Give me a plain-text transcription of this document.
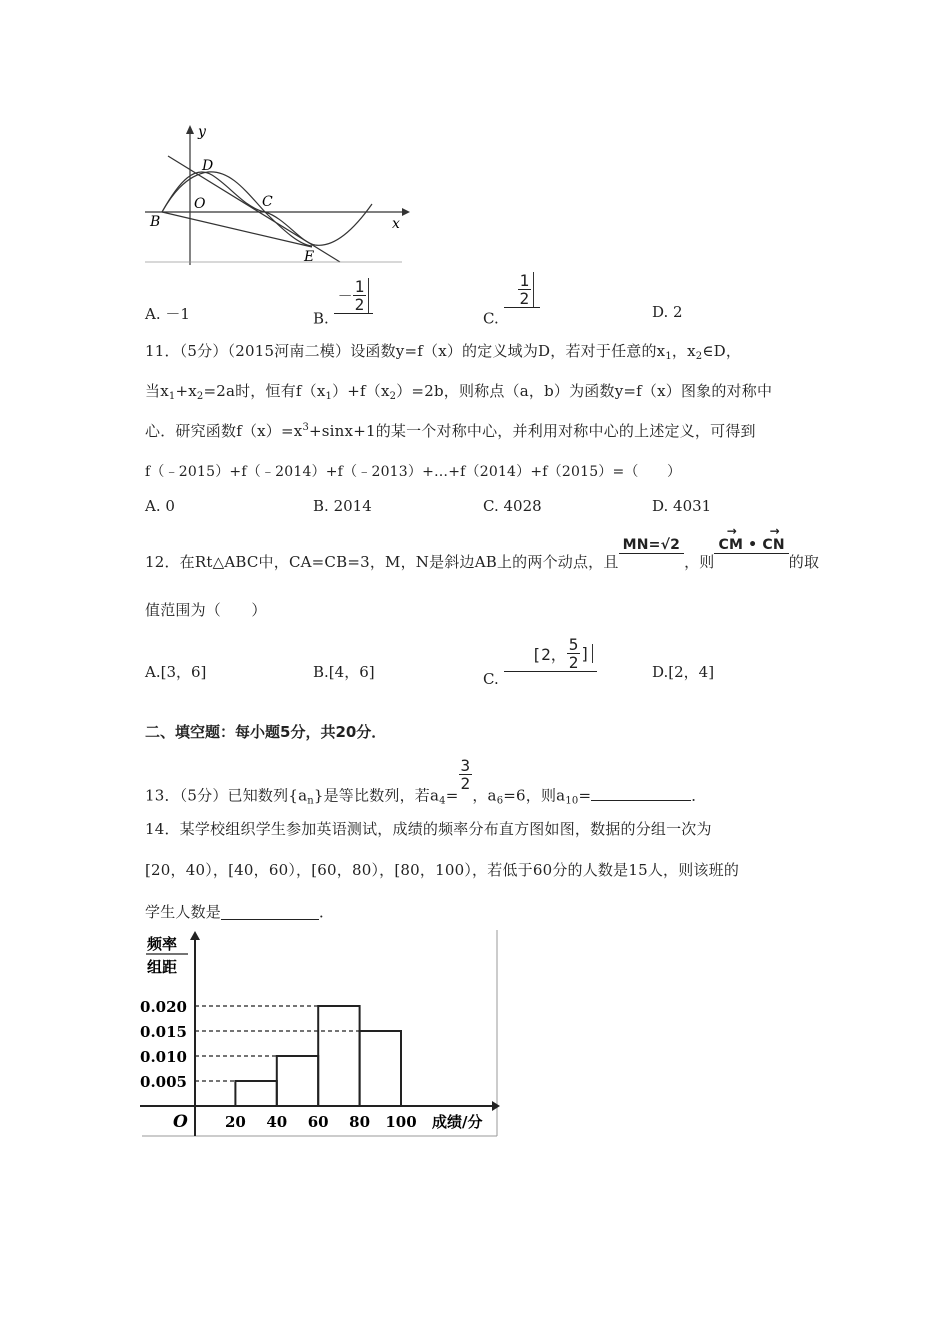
y
x
D
O	C
B
E
A. －1	B. － $\frac{1}{2}$
C.
$\frac{1}{2}$
D. 2
11．（5分）（2015河南二模）设函数y=f（x）的定义域为D，若对于任意的$x_1$，$x_2\in D$，
当$x_1+x_2=2a$时，恒有$f(x_1)+f(x_2)=2b$，则称点（a，b）为函数y=f（x）图象的对称中
心．研究函数$f(x)=x^3+\sin x+1$的某一个对称中心，并利用对称中心的上述定义，可得到
f（﹣2015）+f（﹣2014）+f（﹣2013）+…+f（2014）+f（2015）=（　　）
A. 0	B. 2014	C. 4028	D. 4031
12．在Rt△ABC中，CA=CB=3，M，N是斜边AB上的两个动点，且MN=√2，则→ CM • → CN的取
值范围为（　　）
A.[3，6]	B.[4，6]	C. [2， $\frac{5}{2}$ ]
D.[2，4]
二、填空题：每小题5分，共20分．
13．（5分）已知数列$\{a_n\}$是等比数列，若$a_4=$
$\frac{3}{2}$
，$a_6=6$，则$a_{10}=$	．
14．某学校组织学生参加英语测试，成绩的频率分布直方图如图，数据的分组一次为
[20，40），[40，60），[60，80），[80，100），若低于60分的人数是15人，则该班的
学生人数是	．
频率
组距
0.005
0.010
0.015
0.020
20 40 60 80 100
O	成绩/分
